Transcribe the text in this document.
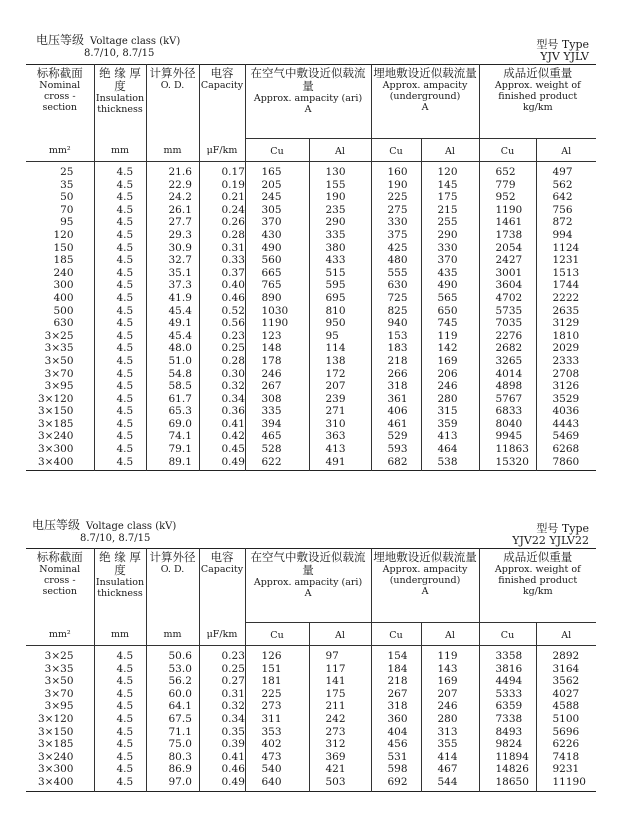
电压等级 Voltage class (kV)
8.7/10, 8.7/15
型号 Type
YJV YJLV
标称截面
Nominal cross - section	绝 缘 厚 度
Insulation thickness	计算外径
O. D.	电容
Capacity	在空气中敷设近似载流量
Approx. ampacity (ari)
A		埋地敷设近似载流量
Approx. ampacity (underground)
A		成品近似重量
Approx. weight of finished product
kg/km	
mm²	mm	mm	μF/km	Cu	Al	Cu	Al	Cu	Al
25	4.5	21.6	0.17	165	130	160	120	652	497
35	4.5	22.9	0.19	205	155	190	145	779	562
50	4.5	24.2	0.21	245	190	225	175	952	642
70	4.5	26.1	0.24	305	235	275	215	1190	756
95	4.5	27.7	0.26	370	290	330	255	1461	872
120	4.5	29.3	0.28	430	335	375	290	1738	994
150	4.5	30.9	0.31	490	380	425	330	2054	1124
185	4.5	32.7	0.33	560	433	480	370	2427	1231
240	4.5	35.1	0.37	665	515	555	435	3001	1513
300	4.5	37.3	0.40	765	595	630	490	3604	1744
400	4.5	41.9	0.46	890	695	725	565	4702	2222
500	4.5	45.4	0.52	1030	810	825	650	5735	2635
630	4.5	49.1	0.56	1190	950	940	745	7035	3129
3×25	4.5	45.4	0.23	123	95	153	119	2276	1810
3×35	4.5	48.0	0.25	148	114	183	142	2682	2029
3×50	4.5	51.0	0.28	178	138	218	169	3265	2333
3×70	4.5	54.8	0.30	246	172	266	206	4014	2708
3×95	4.5	58.5	0.32	267	207	318	246	4898	3126
3×120	4.5	61.7	0.34	308	239	361	280	5767	3529
3×150	4.5	65.3	0.36	335	271	406	315	6833	4036
3×185	4.5	69.0	0.41	394	310	461	359	8040	4443
3×240	4.5	74.1	0.42	465	363	529	413	9945	5469
3×300	4.5	79.1	0.45	528	413	593	464	11863	6268
3×400	4.5	89.1	0.49	622	491	682	538	15320	7860
电压等级 Voltage class (kV)
8.7/10, 8.7/15
型号 Type
YJV22 YJLV22
标称截面
Nominal cross - section	绝 缘 厚 度
Insulation thickness	计算外径
O. D.	电容
Capacity	在空气中敷设近似载流量
Approx. ampacity (ari)
A		埋地敷设近似载流量
Approx. ampacity (underground)
A		成品近似重量
Approx. weight of finished product
kg/km	
mm²	mm	mm	μF/km	Cu	Al	Cu	Al	Cu	Al
3×25	4.5	50.6	0.23	126	97	154	119	3358	2892
3×35	4.5	53.0	0.25	151	117	184	143	3816	3164
3×50	4.5	56.2	0.27	181	141	218	169	4494	3562
3×70	4.5	60.0	0.31	225	175	267	207	5333	4027
3×95	4.5	64.1	0.32	273	211	318	246	6359	4588
3×120	4.5	67.5	0.34	311	242	360	280	7338	5100
3×150	4.5	71.1	0.35	353	273	404	313	8493	5696
3×185	4.5	75.0	0.39	402	312	456	355	9824	6226
3×240	4.5	80.3	0.41	473	369	531	414	11894	7418
3×300	4.5	86.9	0.46	540	421	598	467	14826	9231
3×400	4.5	97.0	0.49	640	503	692	544	18650	11190
